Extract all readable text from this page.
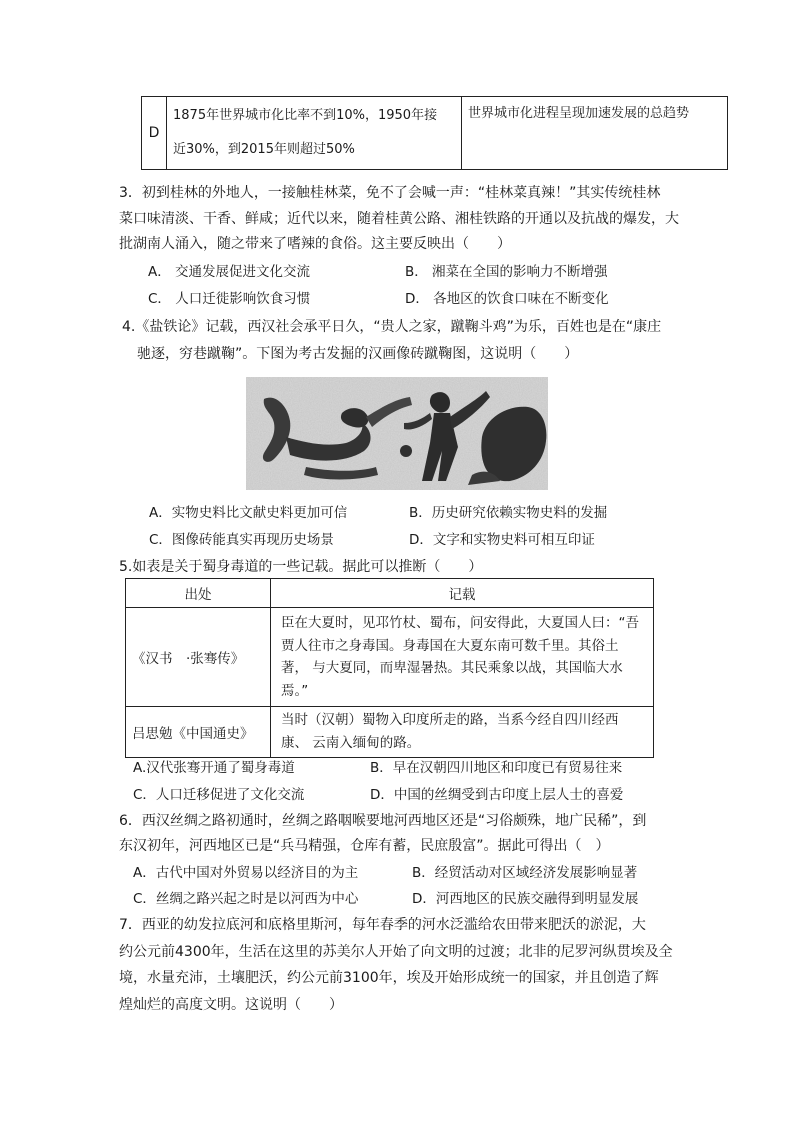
D	
1875年世界城市化比率不到10%，1950年接
近30%，到2015年则超过50%
	世界城市化进程呈现加速发展的总趋势
3．初到桂林的外地人，一接触桂林菜，免不了会喊一声：“桂林菜真辣！”其实传统桂林
菜口味清淡、干香、鲜咸；近代以来，随着桂黄公路、湘桂铁路的开通以及抗战的爆发，大
批湖南人涌入，随之带来了嗜辣的食俗。这主要反映出（　　）
A． 交通发展促进文化交流	B． 湘菜在全国的影响力不断增强
C． 人口迁徙影响饮食习惯	D． 各地区的饮食口味在不断变化
4.《盐铁论》记载，西汉社会承平日久，“贵人之家，蹴鞠斗鸡”为乐，百姓也是在“康庄
驰逐，穷巷蹴鞠”。下图为考古发掘的汉画像砖蹴鞠图，这说明（　　）
A．实物史料比文献史料更加可信	B．历史研究依赖实物史料的发掘
C．图像砖能真实再现历史场景	D．文字和实物史料可相互印证
5.如表是关于蜀身毒道的一些记载。据此可以推断（　　）
出处	记载
《汉书　·张骞传》	臣在大夏时，见邛竹杖、蜀布，问安得此，大夏国人曰：“吾 贾人往市之身毒国。身毒国在大夏东南可数千里。其俗土著， 与大夏同，而卑湿暑热。其民乘象以战，其国临大水焉。”
吕思勉《中国通史》	当时（汉朝）蜀物入印度所走的路，当系今经自四川经西康、 云南入缅甸的路。
A.汉代张骞开通了蜀身毒道	B．早在汉朝四川地区和印度已有贸易往来
C．人口迁移促进了文化交流	D．中国的丝绸受到古印度上层人士的喜爱
6．西汉丝绸之路初通时，丝绸之路咽喉要地河西地区还是“习俗颇殊，地广民稀”，到
东汉初年，河西地区已是“兵马精强，仓库有蓄，民庶殷富”。据此可得出（　）
A．古代中国对外贸易以经济目的为主	B．经贸活动对区域经济发展影响显著
C．丝绸之路兴起之时是以河西为中心	D．河西地区的民族交融得到明显发展
7．西亚的幼发拉底河和底格里斯河，每年春季的河水泛滥给农田带来肥沃的淤泥，大
约公元前4300年，生活在这里的苏美尔人开始了向文明的过渡；北非的尼罗河纵贯埃及全
境，水量充沛，土壤肥沃，约公元前3100年，埃及开始形成统一的国家，并且创造了辉
煌灿烂的高度文明。这说明（　　）
